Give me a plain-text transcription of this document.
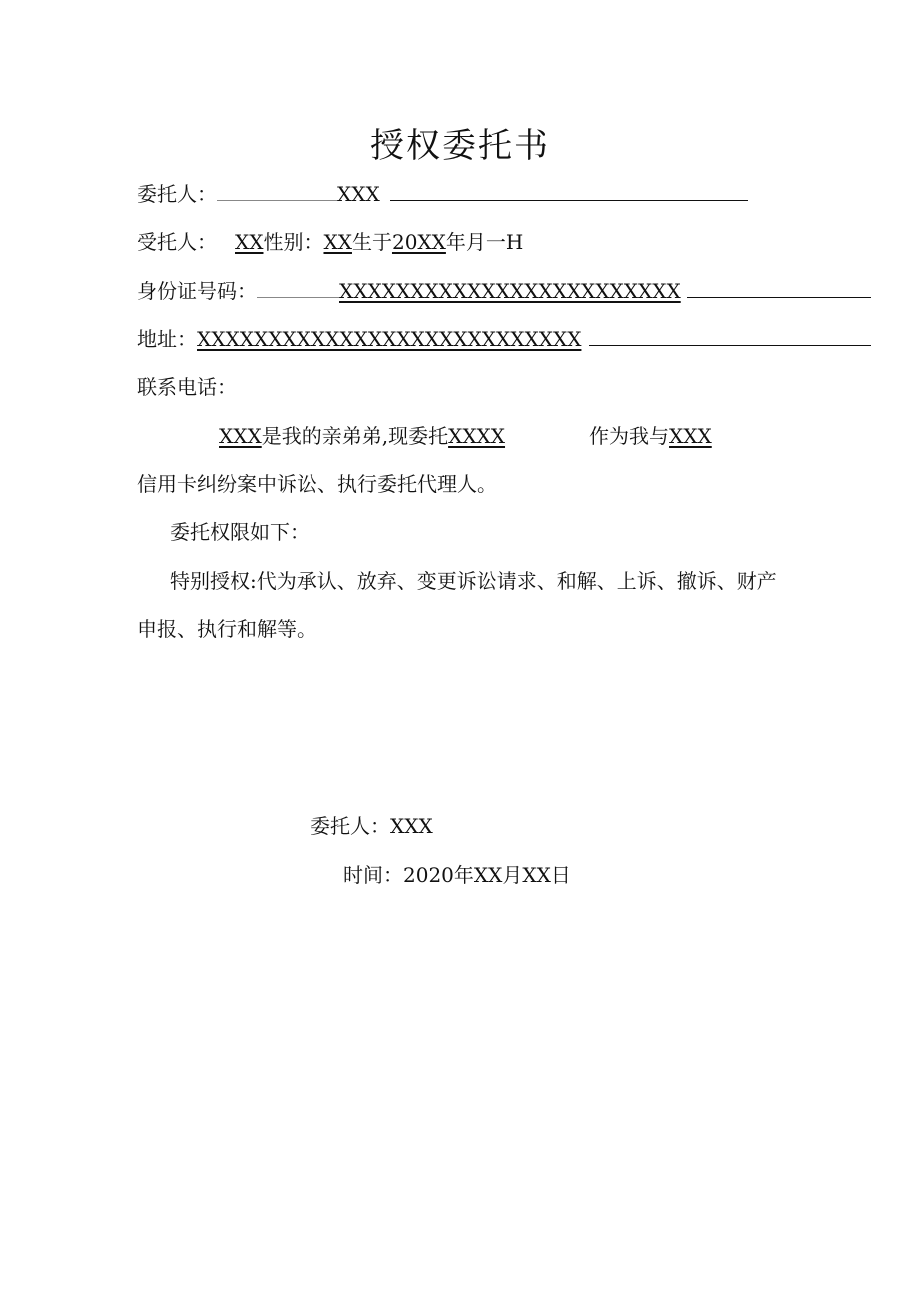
授权委托书
委托人：	XXX
受托人： XX性别：XX生于20XX年月一H
身份证号码：	XXXXXXXXXXXXXXXXXXXXXXXX
地址：XXXXXXXXXXXXXXXXXXXXXXXXXXX
联系电话：
XXX是我的亲弟弟,现委托XXXX	作为我与XXX
信用卡纠纷案中诉讼、执行委托代理人。
委托权限如下：
特别授权:代为承认、放弃、变更诉讼请求、和解、上诉、撤诉、财产
申报、执行和解等。
委托人：XXX
时间：2020年XX月XX日
